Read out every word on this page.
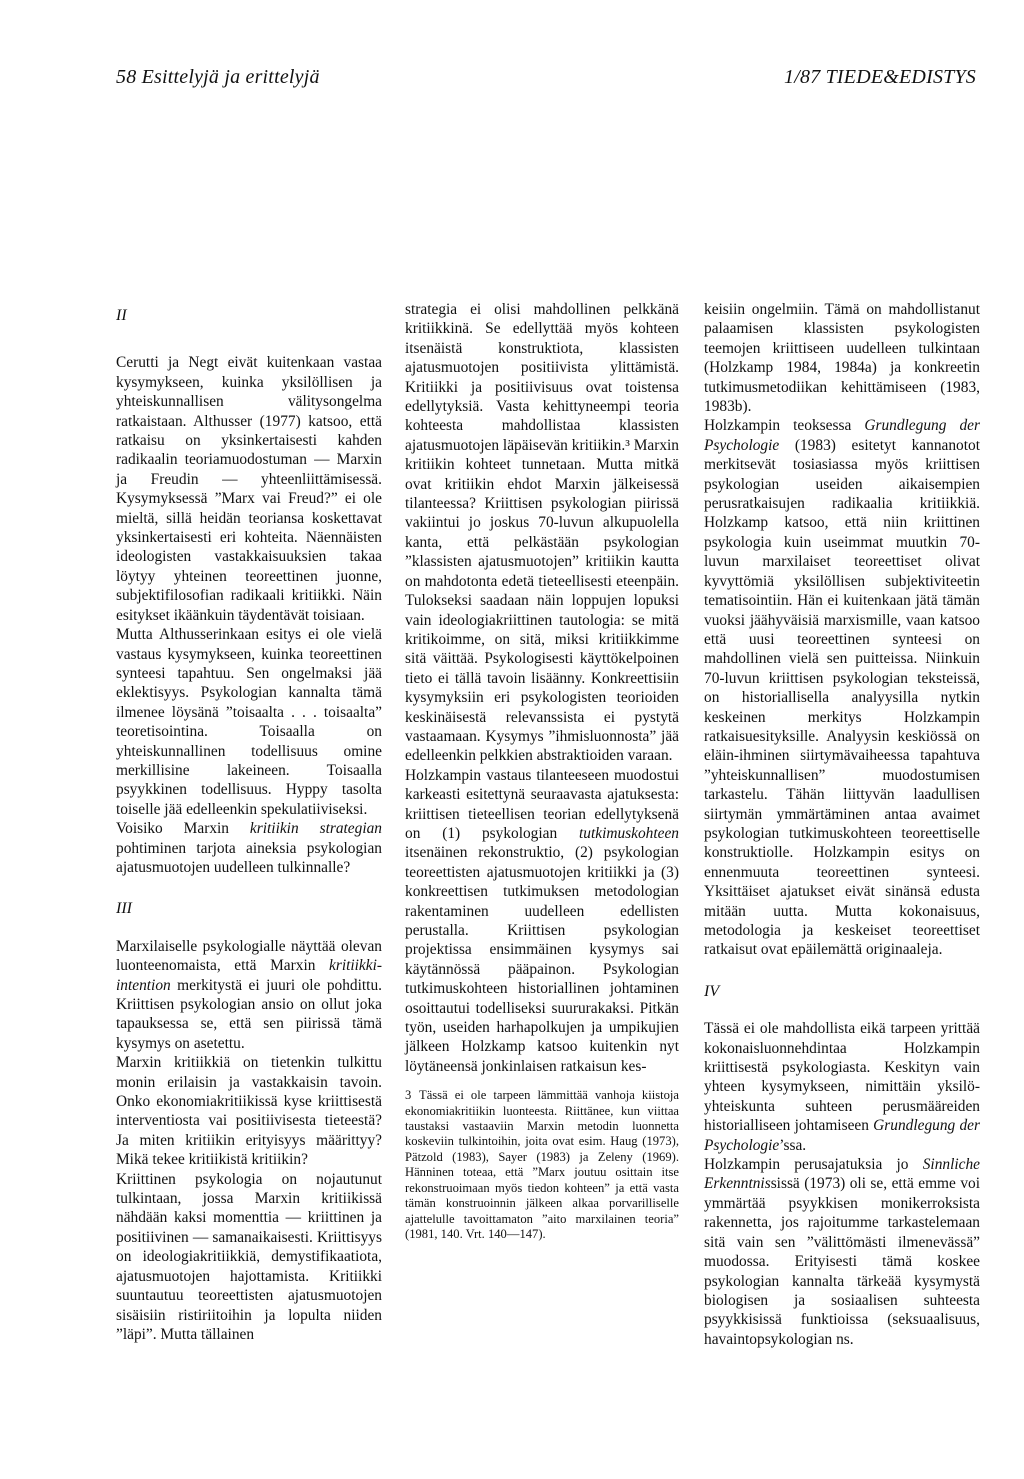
58 Esittelyjä ja erittelyjä	1/87 TIEDE&EDISTYS
II

Cerutti ja Negt eivät kuitenkaan vastaa kysymykseen, kuinka yksilöllisen ja yhteiskunnallisen välitysongelma ratkaistaan. Althusser (1977) katsoo, että ratkaisu on yksinkertaisesti kahden radikaalin teoriamuodostuman — Marxin ja Freudin — yhteenliittämisessä. Kysymyksessä ”Marx vai Freud?” ei ole mieltä, sillä heidän teoriansa koskettavat yksinkertaisesti eri kohteita. Näennäisten ideologisten vastakkaisuuksien takaa löytyy yhteinen teoreettinen juonne, subjektifilosofian radikaali kritiikki. Näin esitykset ikäänkuin täydentävät toisiaan.

Mutta Althusserinkaan esitys ei ole vielä vastaus kysymykseen, kuinka teoreettinen synteesi tapahtuu. Sen ongelmaksi jää eklektisyys. Psykologian kannalta tämä ilmenee löysänä ”toisaalta . . . toisaalta” teoretisointina. Toisaalla on yhteiskunnallinen todellisuus omine merkillisine lakeineen. Toisaalla psyykkinen todellisuus. Hyppy tasolta toiselle jää edelleenkin spekulatiiviseksi.

Voisiko Marxin kritiikin strategian pohtiminen tarjota aineksia psykologian ajatusmuotojen uudelleen tulkinnalle?

III

Marxilaiselle psykologialle näyttää olevan luonteenomaista, että Marxin kritiikki-intention merkitystä ei juuri ole pohdittu. Kriittisen psykologian ansio on ollut joka tapauksessa se, että sen piirissä tämä kysymys on asetettu.

Marxin kritiikkiä on tietenkin tulkittu monin erilaisin ja vastakkaisin tavoin. Onko ekonomiakritiikissä kyse kriittisestä interventiosta vai positiivisesta tieteestä? Ja miten kritiikin erityisyys määrittyy? Mikä tekee kritiikistä kritiikin?

Kriittinen psykologia on nojautunut tulkintaan, jossa Marxin kritiikissä nähdään kaksi momenttia — kriittinen ja positiivinen — samanaikaisesti. Kriittisyys on ideologiakritiikkiä, demystifikaatiota, ajatusmuotojen hajottamista. Kritiikki suuntautuu teoreettisten ajatusmuotojen sisäisiin ristiriitoihin ja lopulta niiden ”läpi”. Mutta tällainen

strategia ei olisi mahdollinen pelkkänä kritiikkinä. Se edellyttää myös kohteen itsenäistä konstruktiota, klassisten ajatusmuotojen positiivista ylittämistä. Kritiikki ja positiivisuus ovat toistensa edellytyksiä. Vasta kehittyneempi teoria kohteesta mahdollistaa klassisten ajatusmuotojen läpäisevän kritiikin.³ Marxin kritiikin kohteet tunnetaan. Mutta mitkä ovat kritiikin ehdot Marxin jälkeisessä tilanteessa? Kriittisen psykologian piirissä vakiintui jo joskus 70-luvun alkupuolella kanta, että pelkästään psykologian ”klassisten ajatusmuotojen” kritiikin kautta on mahdotonta edetä tieteellisesti eteenpäin. Tulokseksi saadaan näin loppujen lopuksi vain ideologiakriittinen tautologia: se mitä kritikoimme, on sitä, miksi kritiikkimme sitä väittää. Psykologisesti käyttökelpoinen tieto ei tällä tavoin lisäänny. Konkreettisiin kysymyksiin eri psykologisten teorioiden keskinäisestä relevanssista ei pystytä vastaamaan. Kysymys ”ihmisluonnosta” jää edelleenkin pelkkien abstraktioiden varaan.

Holzkampin vastaus tilanteeseen muodostui karkeasti esitettynä seuraavasta ajatuksesta: kriittisen tieteellisen teorian edellytyksenä on (1) psykologian tutkimuskohteen itsenäinen rekonstruktio, (2) psykologian teoreettisten ajatusmuotojen kritiikki ja (3) konkreettisen tutkimuksen metodologian rakentaminen uudelleen edellisten perustalla. Kriittisen psykologian projektissa ensimmäinen kysymys sai käytännössä pääpainon. Psykologian tutkimuskohteen historiallinen johtaminen osoittautui todelliseksi suururakaksi. Pitkän työn, useiden harhapolkujen ja umpikujien jälkeen Holzkamp katsoo kuitenkin nyt löytäneensä jonkinlaisen ratkaisun kes-

3 Tässä ei ole tarpeen lämmittää vanhoja kiistoja ekonomiakritiikin luonteesta. Riittänee, kun viittaa taustaksi vastaaviin Marxin metodin luonnetta koskeviin tulkintoihin, joita ovat esim. Haug (1973), Pätzold (1983), Sayer (1983) ja Zeleny (1969). Hänninen toteaa, että ”Marx joutuu osittain itse rekonstruoimaan myös tiedon kohteen” ja että vasta tämän konstruoinnin jälkeen alkaa porvarilliselle ajattelulle tavoittamaton ”aito marxilainen teoria” (1981, 140. Vrt. 140—147).

keisiin ongelmiin. Tämä on mahdollistanut palaamisen klassisten psykologisten teemojen kriittiseen uudelleen tulkintaan (Holzkamp 1984, 1984a) ja konkreetin tutkimusmetodiikan kehittämiseen (1983, 1983b).

Holzkampin teoksessa Grundlegung der Psychologie (1983) esitetyt kannanotot merkitsevät tosiasiassa myös kriittisen psykologian useiden aikaisempien perusratkaisujen radikaalia kritiikkiä. Holzkamp katsoo, että niin kriittinen psykologia kuin useimmat muutkin 70-luvun marxilaiset teoreettiset olivat kyvyttömiä yksilöllisen subjektiviteetin tematisointiin. Hän ei kuitenkaan jätä tämän vuoksi jäähyväisiä marxismille, vaan katsoo että uusi teoreettinen synteesi on mahdollinen vielä sen puitteissa. Niinkuin 70-luvun kriittisen psykologian teksteissä, on historiallisella analyysilla nytkin keskeinen merkitys Holzkampin ratkaisuesityksille. Analyysin keskiössä on eläin-ihminen siirtymävaiheessa tapahtuva ”yhteiskunnallisen” muodostumisen tarkastelu. Tähän liittyvän laadullisen siirtymän ymmärtäminen antaa avaimet psykologian tutkimuskohteen teoreettiselle konstruktiolle. Holzkampin esitys on ennenmuuta teoreettinen synteesi. Yksittäiset ajatukset eivät sinänsä edusta mitään uutta. Mutta kokonaisuus, metodologia ja keskeiset teoreettiset ratkaisut ovat epäilemättä originaaleja.

IV

Tässä ei ole mahdollista eikä tarpeen yrittää kokonaisluonnehdintaa Holzkampin kriittisestä psykologiasta. Keskityn vain yhteen kysymykseen, nimittäin yksilö-yhteiskunta suhteen perusmääreiden historialliseen johtamiseen Grundlegung der Psychologie’ssa.

Holzkampin perusajatuksia jo Sinnliche Erkenntnississä (1973) oli se, että emme voi ymmärtää psyykkisen monikerroksista rakennetta, jos rajoitumme tarkastelemaan sitä vain sen ”välittömästi ilmenevässä” muodossa. Erityisesti tämä koskee psykologian kannalta tärkeää kysymystä biologisen ja sosiaalisen suhteesta psyykkisissä funktioissa (seksuaalisuus, havaintopsykologian ns.
